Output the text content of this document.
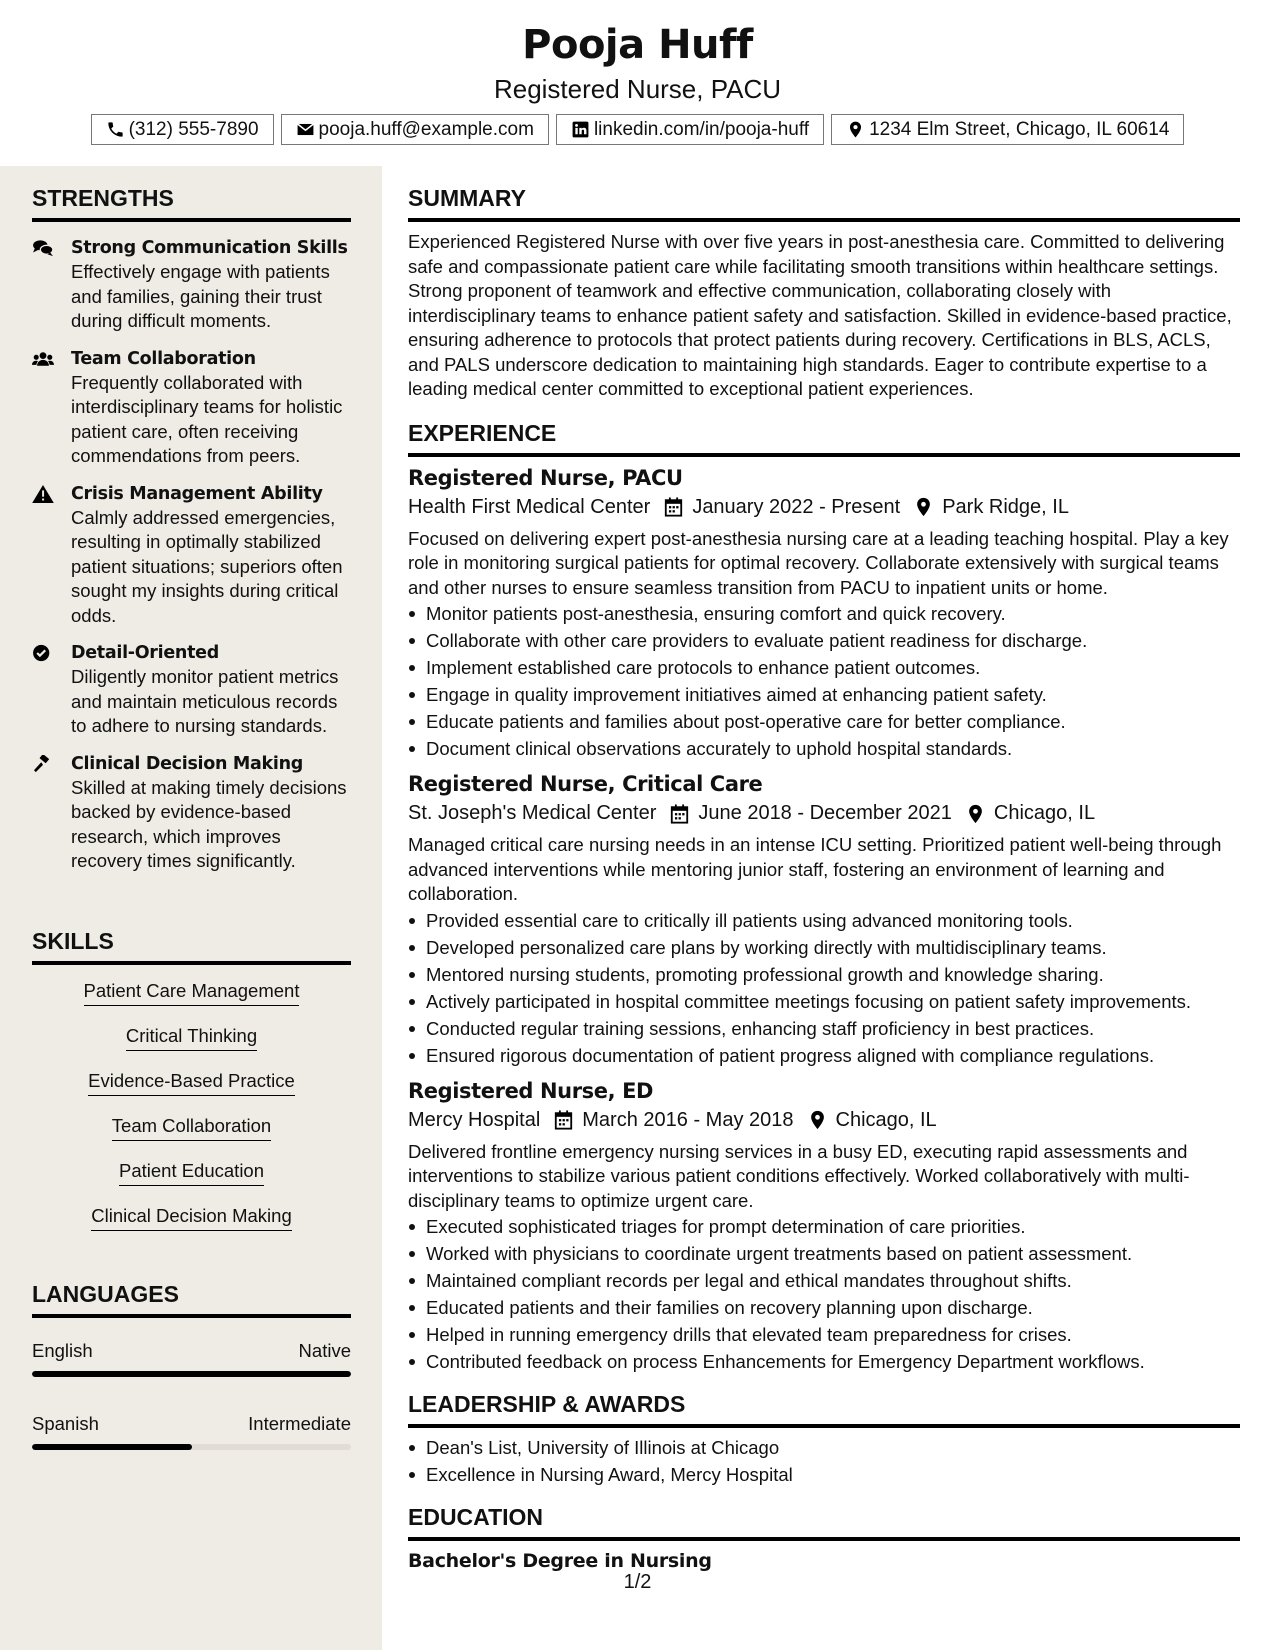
Pooja Huff
Registered Nurse, PACU
(312) 555-7890	pooja.huff@example.com	linkedin.com/in/pooja-huff	1234 Elm Street, Chicago, IL 60614
STRENGTHS
Strong Communication Skills
Effectively engage with patients and families, gaining their trust during difficult moments.
Team Collaboration
Frequently collaborated with interdisciplinary teams for holistic patient care, often receiving commendations from peers.
Crisis Management Ability
Calmly addressed emergencies, resulting in optimally stabilized patient situations; superiors often sought my insights during critical odds.
Detail-Oriented
Diligently monitor patient metrics and maintain meticulous records to adhere to nursing standards.
Clinical Decision Making
Skilled at making timely decisions backed by evidence-based research, which improves recovery times significantly.
SKILLS
Patient Care Management
Critical Thinking
Evidence-Based Practice
Team Collaboration
Patient Education
Clinical Decision Making
LANGUAGES
English	Native
Spanish	Intermediate
SUMMARY
Experienced Registered Nurse with over five years in post-anesthesia care. Committed to delivering safe and compassionate patient care while facilitating smooth transitions within healthcare settings. Strong proponent of teamwork and effective communication, collaborating closely with interdisciplinary teams to enhance patient safety and satisfaction. Skilled in evidence-based practice, ensuring adherence to protocols that protect patients during recovery. Certifications in BLS, ACLS, and PALS underscore dedication to maintaining high standards. Eager to contribute expertise to a leading medical center committed to exceptional patient experiences.
EXPERIENCE
Registered Nurse, PACU
Health First Medical Center January 2022 - Present Park Ridge, IL
Focused on delivering expert post-anesthesia nursing care at a leading teaching hospital. Play a key role in monitoring surgical patients for optimal recovery. Collaborate extensively with surgical teams and other nurses to ensure seamless transition from PACU to inpatient units or home.
Monitor patients post-anesthesia, ensuring comfort and quick recovery.
Collaborate with other care providers to evaluate patient readiness for discharge.
Implement established care protocols to enhance patient outcomes.
Engage in quality improvement initiatives aimed at enhancing patient safety.
Educate patients and families about post-operative care for better compliance.
Document clinical observations accurately to uphold hospital standards.
Registered Nurse, Critical Care
St. Joseph's Medical Center June 2018 - December 2021 Chicago, IL
Managed critical care nursing needs in an intense ICU setting. Prioritized patient well-being through advanced interventions while mentoring junior staff, fostering an environment of learning and collaboration.
Provided essential care to critically ill patients using advanced monitoring tools.
Developed personalized care plans by working directly with multidisciplinary teams.
Mentored nursing students, promoting professional growth and knowledge sharing.
Actively participated in hospital committee meetings focusing on patient safety improvements.
Conducted regular training sessions, enhancing staff proficiency in best practices.
Ensured rigorous documentation of patient progress aligned with compliance regulations.
Registered Nurse, ED
Mercy Hospital March 2016 - May 2018 Chicago, IL
Delivered frontline emergency nursing services in a busy ED, executing rapid assessments and interventions to stabilize various patient conditions effectively. Worked collaboratively with multi-disciplinary teams to optimize urgent care.
Executed sophisticated triages for prompt determination of care priorities.
Worked with physicians to coordinate urgent treatments based on patient assessment.
Maintained compliant records per legal and ethical mandates throughout shifts.
Educated patients and their families on recovery planning upon discharge.
Helped in running emergency drills that elevated team preparedness for crises.
Contributed feedback on process Enhancements for Emergency Department workflows.
LEADERSHIP & AWARDS
Dean's List, University of Illinois at Chicago
Excellence in Nursing Award, Mercy Hospital
EDUCATION
Bachelor's Degree in Nursing
1/2
